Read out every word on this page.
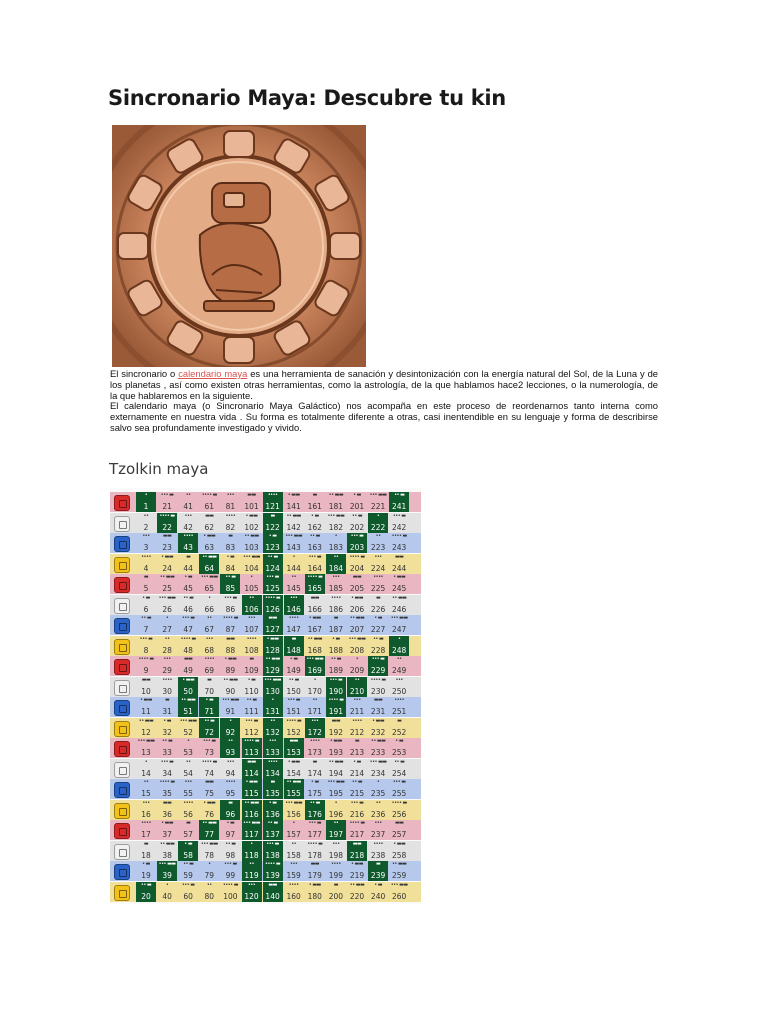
Sincronario Maya: Descubre tu kin

El sincronario o calendario maya es una herramienta de sanación y desintonización con la energía natural del Sol, de la Luna y de los planetas , así como existen otras herramientas, como la astrología, de la que hablamos hace2 lecciones, o la numerología, de la que hablaremos en la siguiente.

El calendario maya (o Sincronario Maya Galáctico) nos acompaña en este proceso de reordenarnos tanto interna como externamente en nuestra vida . Su forma es totalmente diferente a otras, casi inentendible en su lenguaje y forma de describirse salvo sea profundamente investigado y vivido.

Tzolkin maya
•
1
••• ▬
21
••
41
•••• ▬
61
•••
81
▬▬
101
••••
121
• ▬▬
141
▬
161
•• ▬▬
181
• ▬
201
••• ▬▬
221
•• ▬
241
••
2
•••• ▬
22
•••
42
▬▬
62
••••
82
• ▬▬
102
▬
122
•• ▬▬
142
• ▬
162
••• ▬▬
182
•• ▬
202
•
222
••• ▬
242
•••
3
▬▬
23
••••
43
• ▬▬
63
▬
83
•• ▬▬
103
• ▬
123
••• ▬▬
143
•• ▬
163
•
183
••• ▬
203
••
223
•••• ▬
243
••••
4
• ▬▬
24
▬
44
•• ▬▬
64
• ▬
84
••• ▬▬
104
•• ▬
124
•
144
••• ▬
164
••
184
•••• ▬
204
•••
224
▬▬
244
▬
5
•• ▬▬
25
• ▬
45
••• ▬▬
65
•• ▬
85
•
105
••• ▬
125
••
145
•••• ▬
165
•••
185
▬▬
205
••••
225
• ▬▬
245
• ▬
6
••• ▬▬
26
•• ▬
46
•
66
••• ▬
86
••
106
•••• ▬
126
•••
146
▬▬
166
••••
186
• ▬▬
206
▬
226
•• ▬▬
246
•• ▬
7
•
27
••• ▬
47
••
67
•••• ▬
87
•••
107
▬▬
127
••••
147
• ▬▬
167
▬
187
•• ▬▬
207
• ▬
227
••• ▬▬
247
••• ▬
8
••
28
•••• ▬
48
•••
68
▬▬
88
••••
108
• ▬▬
128
▬
148
•• ▬▬
168
• ▬
188
••• ▬▬
208
•• ▬
228
•
248
•••• ▬
9
•••
29
▬▬
49
••••
69
• ▬▬
89
▬
109
•• ▬▬
129
• ▬
149
••• ▬▬
169
•• ▬
189
•
209
••• ▬
229
••
249
▬▬
10
••••
30
• ▬▬
50
▬
70
•• ▬▬
90
• ▬
110
••• ▬▬
130
•• ▬
150
•
170
••• ▬
190
••
210
•••• ▬
230
•••
250
• ▬▬
11
▬
31
•• ▬▬
51
• ▬
71
••• ▬▬
91
•• ▬
111
•
131
••• ▬
151
••
171
•••• ▬
191
•••
211
▬▬
231
••••
251
•• ▬▬
12
• ▬
32
••• ▬▬
52
•• ▬
72
•
92
••• ▬
112
••
132
•••• ▬
152
•••
172
▬▬
192
••••
212
• ▬▬
232
▬
252
••• ▬▬
13
•• ▬
33
•
53
••• ▬
73
••
93
•••• ▬
113
•••
133
▬▬
153
••••
173
• ▬▬
193
▬
213
•• ▬▬
233
• ▬
253
•
14
••• ▬
34
••
54
•••• ▬
74
•••
94
▬▬
114
••••
134
• ▬▬
154
▬
174
•• ▬▬
194
• ▬
214
••• ▬▬
234
•• ▬
254
••
15
•••• ▬
35
•••
55
▬▬
75
••••
95
• ▬▬
115
▬
135
•• ▬▬
155
• ▬
175
••• ▬▬
195
•• ▬
215
•
235
••• ▬
255
•••
16
▬▬
36
••••
56
• ▬▬
76
▬
96
•• ▬▬
116
• ▬
136
••• ▬▬
156
•• ▬
176
•
196
••• ▬
216
••
236
•••• ▬
256
••••
17
• ▬▬
37
▬
57
•• ▬▬
77
• ▬
97
••• ▬▬
117
•• ▬
137
•
157
••• ▬
177
••
197
•••• ▬
217
•••
237
▬▬
257
▬
18
•• ▬▬
38
• ▬
58
••• ▬▬
78
•• ▬
98
•
118
••• ▬
138
••
158
•••• ▬
178
•••
198
▬▬
218
••••
238
• ▬▬
258
• ▬
19
••• ▬▬
39
•• ▬
59
•
79
••• ▬
99
••
119
•••• ▬
139
•••
159
▬▬
179
••••
199
• ▬▬
219
▬
239
•• ▬▬
259
•• ▬
20
•
40
••• ▬
60
••
80
•••• ▬
100
•••
120
▬▬
140
••••
160
• ▬▬
180
▬
200
•• ▬▬
220
• ▬
240
••• ▬▬
260
